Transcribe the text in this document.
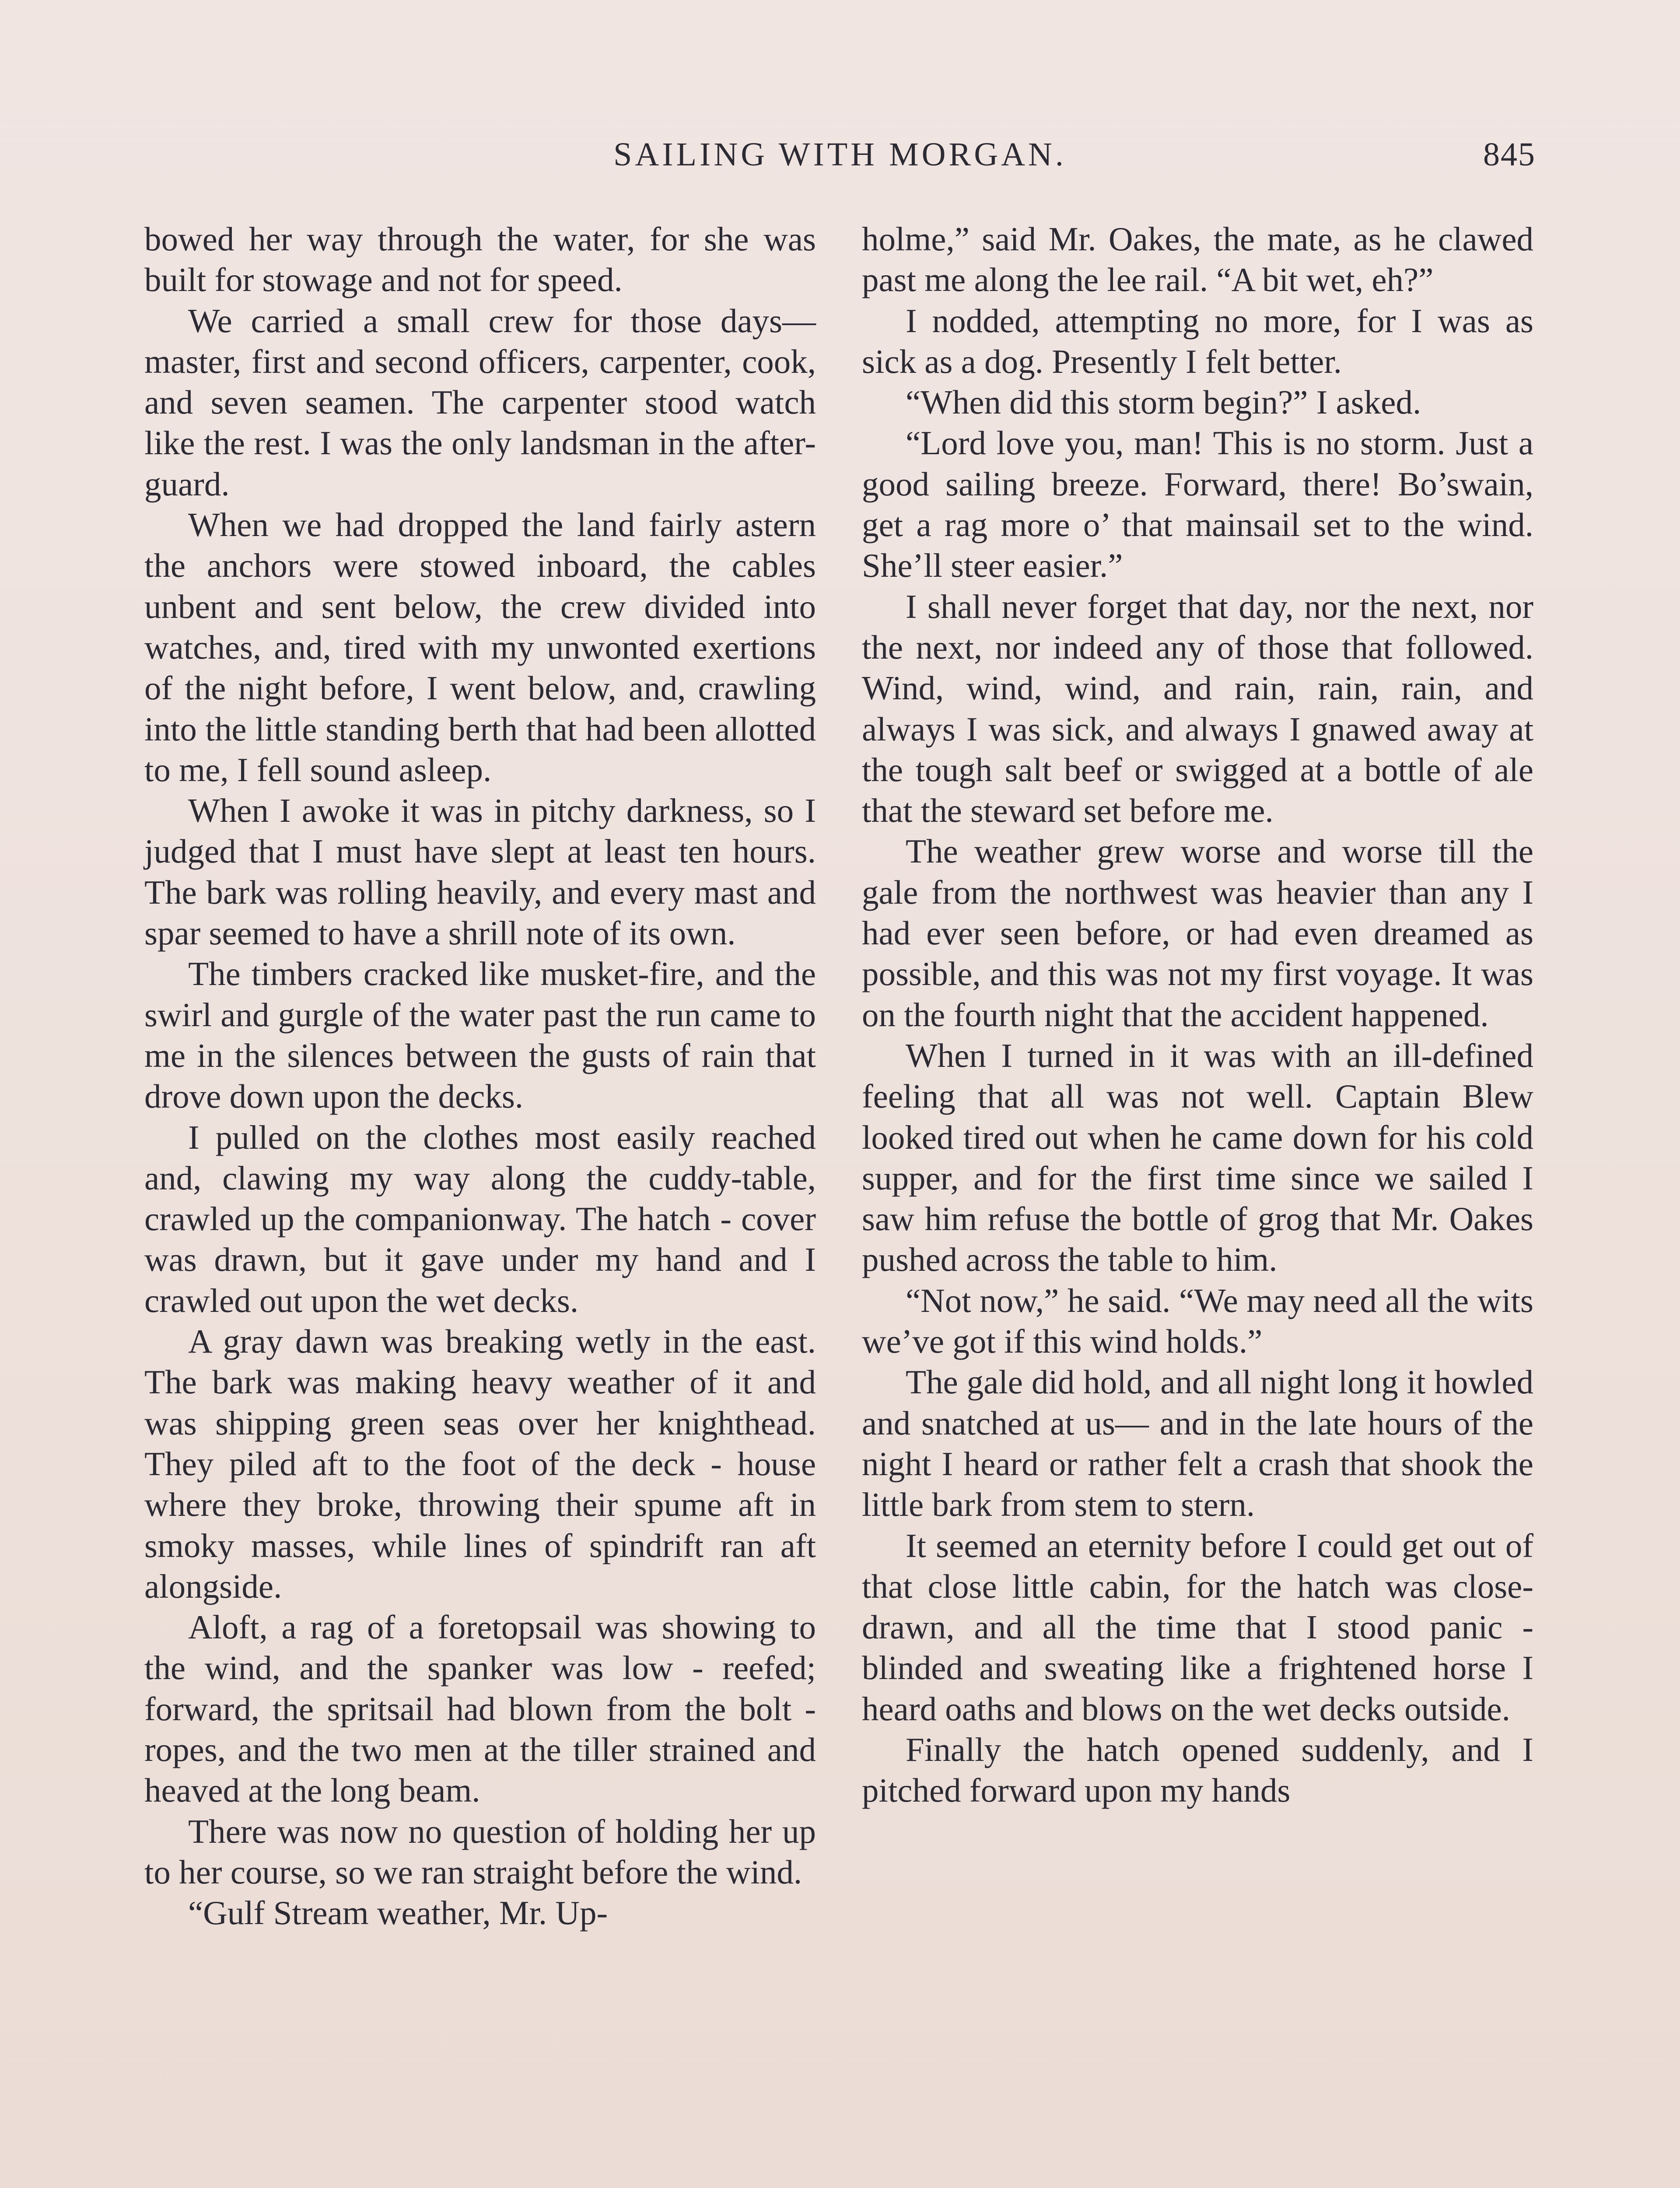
SAILING WITH MORGAN.	845

bowed her way through the water, for she was built for stowage and not for speed.

We carried a small crew for those days—master, first and second officers, carpenter, cook, and seven seamen. The carpenter stood watch like the rest. I was the only landsman in the after-guard.

When we had dropped the land fairly astern the anchors were stowed inboard, the cables unbent and sent below, the crew divided into watches, and, tired with my unwonted exertions of the night before, I went below, and, crawling into the little standing berth that had been allotted to me, I fell sound asleep.

When I awoke it was in pitchy darkness, so I judged that I must have slept at least ten hours. The bark was rolling heavily, and every mast and spar seemed to have a shrill note of its own.

The timbers cracked like musket-fire, and the swirl and gurgle of the water past the run came to me in the silences between the gusts of rain that drove down upon the decks.

I pulled on the clothes most easily reached and, clawing my way along the cuddy-table, crawled up the companionway. The hatch - cover was drawn, but it gave under my hand and I crawled out upon the wet decks.

A gray dawn was breaking wetly in the east. The bark was making heavy weather of it and was shipping green seas over her knighthead. They piled aft to the foot of the deck - house where they broke, throwing their spume aft in smoky masses, while lines of spindrift ran aft alongside.

Aloft, a rag of a foretopsail was showing to the wind, and the spanker was low - reefed; forward, the spritsail had blown from the bolt - ropes, and the two men at the tiller strained and heaved at the long beam.

There was now no question of holding her up to her course, so we ran straight before the wind.

“Gulf Stream weather, Mr. Up-

holme,” said Mr. Oakes, the mate, as he clawed past me along the lee rail. “A bit wet, eh?”

I nodded, attempting no more, for I was as sick as a dog. Presently I felt better.

“When did this storm begin?” I asked.

“Lord love you, man! This is no storm. Just a good sailing breeze. Forward, there! Bo’swain, get a rag more o’ that mainsail set to the wind. She’ll steer easier.”

I shall never forget that day, nor the next, nor the next, nor indeed any of those that followed. Wind, wind, wind, and rain, rain, rain, and always I was sick, and always I gnawed away at the tough salt beef or swigged at a bottle of ale that the steward set before me.

The weather grew worse and worse till the gale from the northwest was heavier than any I had ever seen before, or had even dreamed as possible, and this was not my first voyage. It was on the fourth night that the accident happened.

When I turned in it was with an ill-defined feeling that all was not well. Captain Blew looked tired out when he came down for his cold supper, and for the first time since we sailed I saw him refuse the bottle of grog that Mr. Oakes pushed across the table to him.

“Not now,” he said. “We may need all the wits we’ve got if this wind holds.”

The gale did hold, and all night long it howled and snatched at us— and in the late hours of the night I heard or rather felt a crash that shook the little bark from stem to stern.

It seemed an eternity before I could get out of that close little cabin, for the hatch was close-drawn, and all the time that I stood panic - blinded and sweating like a frightened horse I heard oaths and blows on the wet decks outside.

Finally the hatch opened suddenly, and I pitched forward upon my hands
